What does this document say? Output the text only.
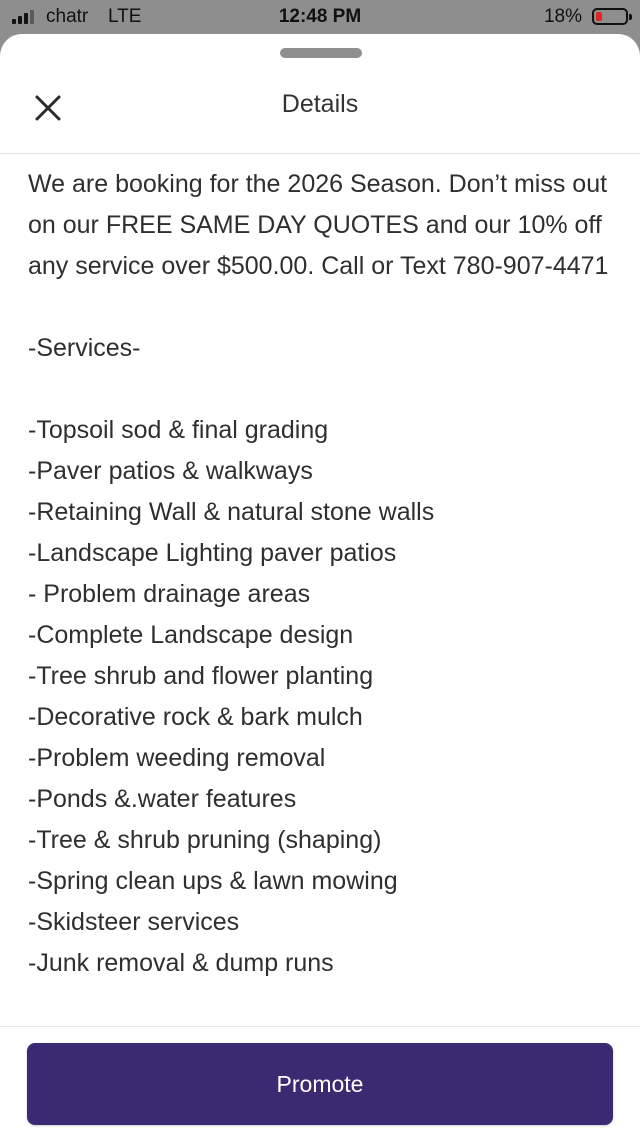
chatr LTE	12:48 PM	18%
Details

We are booking for the 2026 Season. Don’t miss out on our FREE SAME DAY QUOTES and our 10% off any service over $500.00. Call or Text 780-907-4471

-Services-

-Topsoil sod & final grading
-Paver patios & walkways
-Retaining Wall & natural stone walls
-Landscape Lighting paver patios
- Problem drainage areas
-Complete Landscape design
-Tree shrub and flower planting
-Decorative rock & bark mulch
-Problem weeding removal
-Ponds &.water features
-Tree & shrub pruning (shaping)
-Spring clean ups & lawn mowing
-Skidsteer services
-Junk removal & dump runs
Promote
